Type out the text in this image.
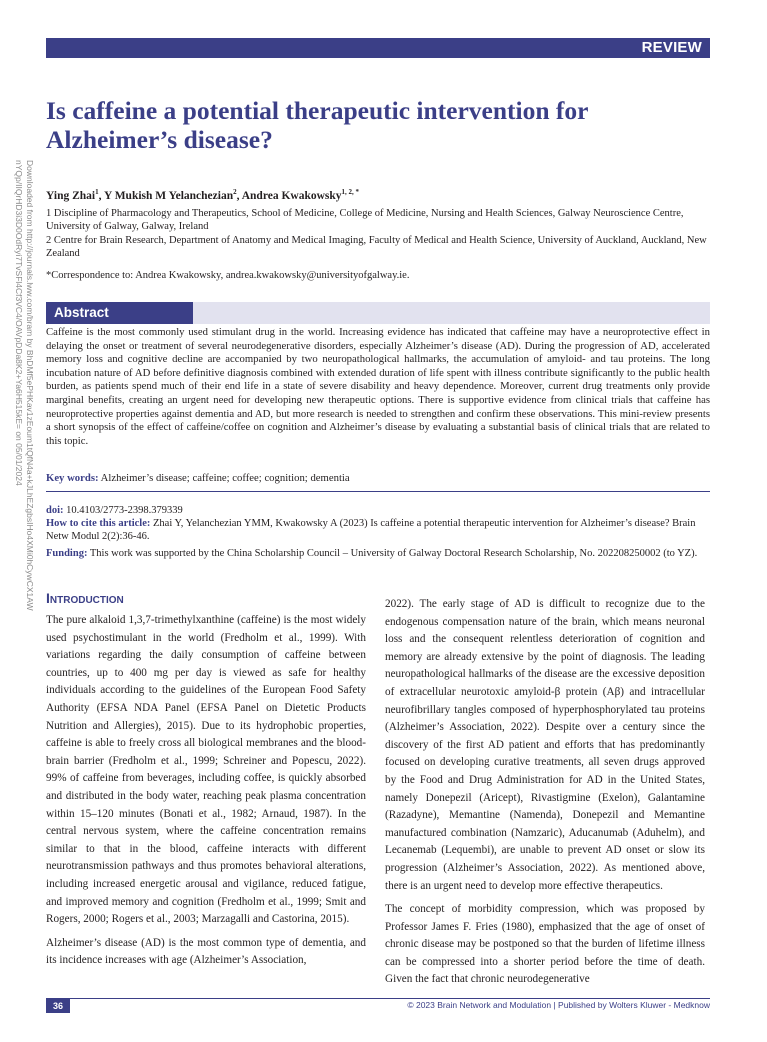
REVIEW
Downloaded from http://journals.lww.com/bram by BhDMf5ePHKav1zEoum1tQfN4a+kJLhEZgbsIHo4XMi0hCywCX1AW nYQp/IIQrHD3i3D0OdRyi7TvSFl4Cf3VC4/OAVpDDa8K2+Ya6H515kE= on 05/01/2024
Is caffeine a potential therapeutic intervention for Alzheimer’s disease?

Ying Zhai$^1$, Y Mukish M Yelanchezian$^2$, Andrea Kwakowsky$^{1, 2, *}$

1 Discipline of Pharmacology and Therapeutics, School of Medicine, College of Medicine, Nursing and Health Sciences, Galway Neuroscience Centre, University of Galway, Galway, Ireland

2 Centre for Brain Research, Department of Anatomy and Medical Imaging, Faculty of Medical and Health Science, University of Auckland, Auckland, New Zealand

*Correspondence to: Andrea Kwakowsky, andrea.kwakowsky@universityofgalway.ie.

Abstract

Caffeine is the most commonly used stimulant drug in the world. Increasing evidence has indicated that caffeine may have a neuroprotective effect in delaying the onset or treatment of several neurodegenerative disorders, especially Alzheimer’s disease (AD). During the progression of AD, accelerated memory loss and cognitive decline are accompanied by two neuropathological hallmarks, the accumulation of amyloid- and tau proteins. The long incubation nature of AD before definitive diagnosis combined with extended duration of life spent with illness contribute significantly to the public health burden, as patients spend much of their end life in a state of severe disability and heavy dependence. Moreover, current drug treatments only provide marginal benefits, creating an urgent need for developing new therapeutic options. There is supportive evidence from clinical trials that caffeine has neuroprotective properties against dementia and AD, but more research is needed to strengthen and confirm these observations. This mini-review presents a short synopsis of the effect of caffeine/coffee on cognition and Alzheimer’s disease by evaluating a substantial basis of clinical trials that are related to this topic.

Key words: Alzheimer’s disease; caffeine; coffee; cognition; dementia

doi: 10.4103/2773-2398.379339

How to cite this article: Zhai Y, Yelanchezian YMM, Kwakowsky A (2023) Is caffeine a potential therapeutic intervention for Alzheimer’s disease? Brain Netw Modul 2(2):36-46.

Funding: This work was supported by the China Scholarship Council – University of Galway Doctoral Research Scholarship, No. 202208250002 (to YZ).

Introduction

The pure alkaloid 1,3,7-trimethylxanthine (caffeine) is the most widely used psychostimulant in the world (Fredholm et al., 1999). With variations regarding the daily consumption of caffeine between countries, up to 400 mg per day is viewed as safe for healthy individuals according to the guidelines of the European Food Safety Authority (EFSA NDA Panel (EFSA Panel on Dietetic Products Nutrition and Allergies), 2015). Due to its hydrophobic properties, caffeine is able to freely cross all biological membranes and the blood-brain barrier (Fredholm et al., 1999; Schreiner and Popescu, 2022). 99% of caffeine from beverages, including coffee, is quickly absorbed and distributed in the body water, reaching peak plasma concentration within 15–120 minutes (Bonati et al., 1982; Arnaud, 1987). In the central nervous system, where the caffeine concentration remains similar to that in the blood, caffeine interacts with different neurotransmission pathways and thus promotes behavioral alterations, including increased energetic arousal and vigilance, reduced fatigue, and improved memory and cognition (Fredholm et al., 1999; Smit and Rogers, 2000; Rogers et al., 2003; Marzagalli and Castorina, 2015).

Alzheimer’s disease (AD) is the most common type of dementia, and its incidence increases with age (Alzheimer’s Association,

2022). The early stage of AD is difficult to recognize due to the endogenous compensation nature of the brain, which means neuronal loss and the consequent relentless deterioration of cognition and memory are already extensive by the point of diagnosis. The leading neuropathological hallmarks of the disease are the excessive deposition of extracellular neurotoxic amyloid-β protein (Aβ) and intracellular neurofibrillary tangles composed of hyperphosphorylated tau proteins (Alzheimer’s Association, 2022). Despite over a century since the discovery of the first AD patient and efforts that has predominantly focused on developing curative treatments, all seven drugs approved by the Food and Drug Administration for AD in the United States, namely Donepezil (Aricept), Rivastigmine (Exelon), Galantamine (Razadyne), Memantine (Namenda), Donepezil and Memantine manufactured combination (Namzaric), Aducanumab (Aduhelm), and Lecanemab (Lequembi), are unable to prevent AD onset or slow its progression (Alzheimer’s Association, 2022). As mentioned above, there is an urgent need to develop more effective therapeutics.

The concept of morbidity compression, which was proposed by Professor James F. Fries (1980), emphasized that the age of onset of chronic disease may be postponed so that the burden of lifetime illness can be compressed into a shorter period before the time of death. Given the fact that chronic neurodegenerative

36	© 2023 Brain Network and Modulation | Published by Wolters Kluwer - Medknow
